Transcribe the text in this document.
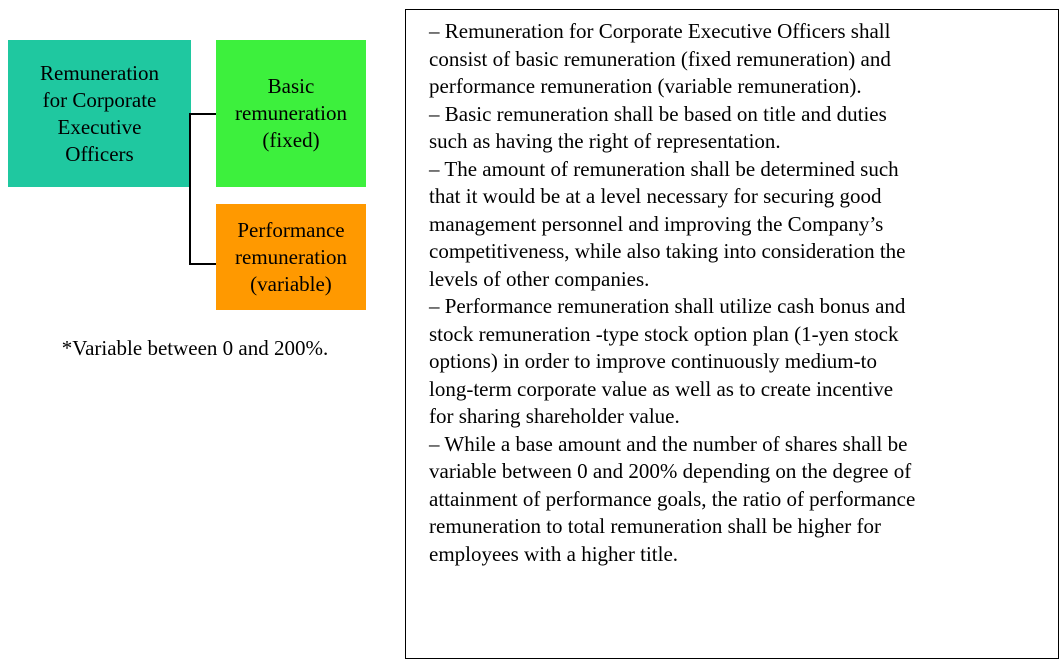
Remuneration
for Corporate
Executive
Officers
Basic
remuneration
(fixed)
Performance
remuneration
(variable)
*Variable between 0 and 200%.

– Remuneration for Corporate Executive Officers shall
consist of basic remuneration (fixed remuneration) and
performance remuneration (variable remuneration).

– Basic remuneration shall be based on title and duties
such as having the right of representation.

– The amount of remuneration shall be determined such
that it would be at a level necessary for securing good
management personnel and improving the Company’s
competitiveness, while also taking into consideration the
levels of other companies.

– Performance remuneration shall utilize cash bonus and
stock remuneration -type stock option plan (1-yen stock
options) in order to improve continuously medium-to
long-term corporate value as well as to create incentive
for sharing shareholder value.

– While a base amount and the number of shares shall be
variable between 0 and 200% depending on the degree of
attainment of performance goals, the ratio of performance
remuneration to total remuneration shall be higher for
employees with a higher title.
